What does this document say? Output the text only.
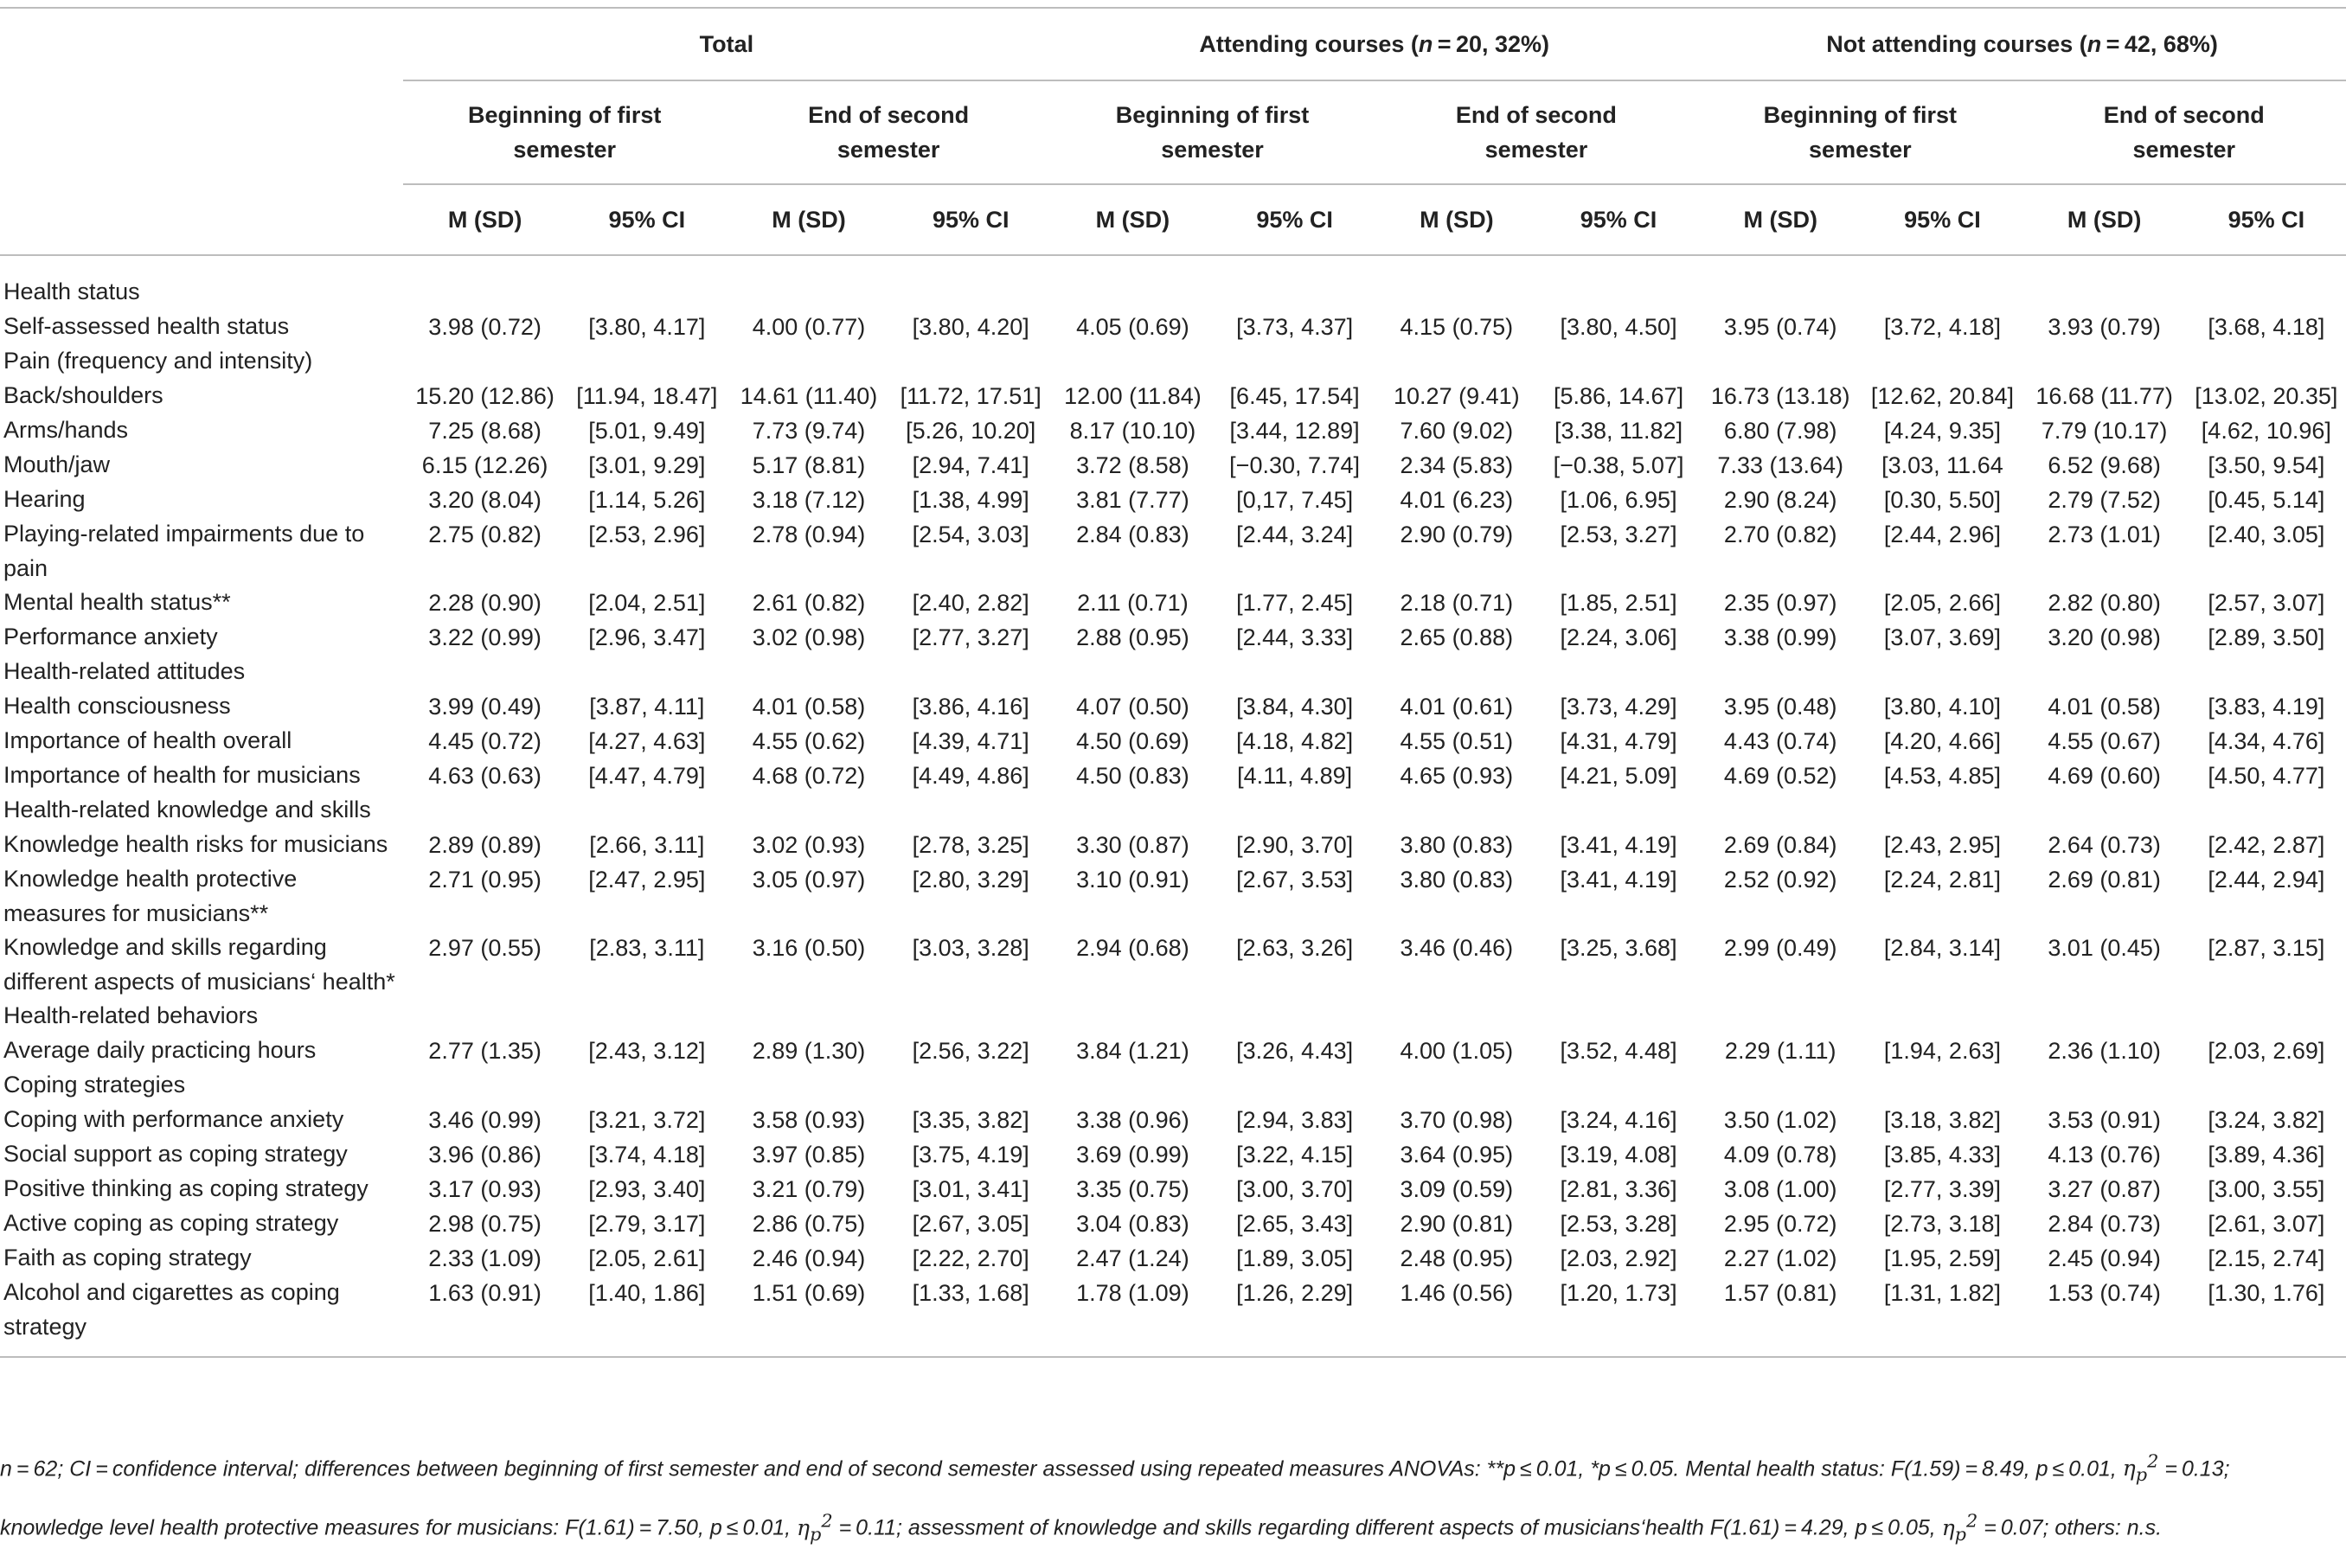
	Total				Attending courses (n = 20, 32%)				Not attending courses (n = 42, 68%)			

	Beginning of first semester		End of second semester		Beginning of first semester		End of second semester		Beginning of first semester		End of second semester	

	M (SD)	95% CI	M (SD)	95% CI	M (SD)	95% CI	M (SD)	95% CI	M (SD)	95% CI	M (SD)	95% CI
Health status												
Self-assessed health status	3.98 (0.72)	[3.80, 4.17]	4.00 (0.77)	[3.80, 4.20]	4.05 (0.69)	[3.73, 4.37]	4.15 (0.75)	[3.80, 4.50]	3.95 (0.74)	[3.72, 4.18]	3.93 (0.79)	[3.68, 4.18]
Pain (frequency and intensity)												
Back/shoulders	15.20 (12.86)	[11.94, 18.47]	14.61 (11.40)	[11.72, 17.51]	12.00 (11.84)	[6.45, 17.54]	10.27 (9.41)	[5.86, 14.67]	16.73 (13.18)	[12.62, 20.84]	16.68 (11.77)	[13.02, 20.35]
Arms/hands	7.25 (8.68)	[5.01, 9.49]	7.73 (9.74)	[5.26, 10.20]	8.17 (10.10)	[3.44, 12.89]	7.60 (9.02)	[3.38, 11.82]	6.80 (7.98)	[4.24, 9.35]	7.79 (10.17)	[4.62, 10.96]
Mouth/jaw	6.15 (12.26)	[3.01, 9.29]	5.17 (8.81)	[2.94, 7.41]	3.72 (8.58)	[−0.30, 7.74]	2.34 (5.83)	[−0.38, 5.07]	7.33 (13.64)	[3.03, 11.64	6.52 (9.68)	[3.50, 9.54]
Hearing	3.20 (8.04)	[1.14, 5.26]	3.18 (7.12)	[1.38, 4.99]	3.81 (7.77)	[0,17, 7.45]	4.01 (6.23)	[1.06, 6.95]	2.90 (8.24)	[0.30, 5.50]	2.79 (7.52)	[0.45, 5.14]
Playing-related impairments due to pain	2.75 (0.82)	[2.53, 2.96]	2.78 (0.94)	[2.54, 3.03]	2.84 (0.83)	[2.44, 3.24]	2.90 (0.79)	[2.53, 3.27]	2.70 (0.82)	[2.44, 2.96]	2.73 (1.01)	[2.40, 3.05]
Mental health status**	2.28 (0.90)	[2.04, 2.51]	2.61 (0.82)	[2.40, 2.82]	2.11 (0.71)	[1.77, 2.45]	2.18 (0.71)	[1.85, 2.51]	2.35 (0.97)	[2.05, 2.66]	2.82 (0.80)	[2.57, 3.07]
Performance anxiety	3.22 (0.99)	[2.96, 3.47]	3.02 (0.98)	[2.77, 3.27]	2.88 (0.95)	[2.44, 3.33]	2.65 (0.88)	[2.24, 3.06]	3.38 (0.99)	[3.07, 3.69]	3.20 (0.98)	[2.89, 3.50]
Health-related attitudes												
Health consciousness	3.99 (0.49)	[3.87, 4.11]	4.01 (0.58)	[3.86, 4.16]	4.07 (0.50)	[3.84, 4.30]	4.01 (0.61)	[3.73, 4.29]	3.95 (0.48)	[3.80, 4.10]	4.01 (0.58)	[3.83, 4.19]
Importance of health overall	4.45 (0.72)	[4.27, 4.63]	4.55 (0.62)	[4.39, 4.71]	4.50 (0.69)	[4.18, 4.82]	4.55 (0.51)	[4.31, 4.79]	4.43 (0.74)	[4.20, 4.66]	4.55 (0.67)	[4.34, 4.76]
Importance of health for musicians	4.63 (0.63)	[4.47, 4.79]	4.68 (0.72)	[4.49, 4.86]	4.50 (0.83)	[4.11, 4.89]	4.65 (0.93)	[4.21, 5.09]	4.69 (0.52)	[4.53, 4.85]	4.69 (0.60)	[4.50, 4.77]
Health-related knowledge and skills												
Knowledge health risks for musicians	2.89 (0.89)	[2.66, 3.11]	3.02 (0.93)	[2.78, 3.25]	3.30 (0.87)	[2.90, 3.70]	3.80 (0.83)	[3.41, 4.19]	2.69 (0.84)	[2.43, 2.95]	2.64 (0.73)	[2.42, 2.87]
Knowledge health protective measures for musicians**	2.71 (0.95)	[2.47, 2.95]	3.05 (0.97)	[2.80, 3.29]	3.10 (0.91)	[2.67, 3.53]	3.80 (0.83)	[3.41, 4.19]	2.52 (0.92)	[2.24, 2.81]	2.69 (0.81)	[2.44, 2.94]
Knowledge and skills regarding different aspects of musicians‘ health*	2.97 (0.55)	[2.83, 3.11]	3.16 (0.50)	[3.03, 3.28]	2.94 (0.68)	[2.63, 3.26]	3.46 (0.46)	[3.25, 3.68]	2.99 (0.49)	[2.84, 3.14]	3.01 (0.45)	[2.87, 3.15]
Health-related behaviors												
Average daily practicing hours	2.77 (1.35)	[2.43, 3.12]	2.89 (1.30)	[2.56, 3.22]	3.84 (1.21)	[3.26, 4.43]	4.00 (1.05)	[3.52, 4.48]	2.29 (1.11)	[1.94, 2.63]	2.36 (1.10)	[2.03, 2.69]
Coping strategies												
Coping with performance anxiety	3.46 (0.99)	[3.21, 3.72]	3.58 (0.93)	[3.35, 3.82]	3.38 (0.96)	[2.94, 3.83]	3.70 (0.98)	[3.24, 4.16]	3.50 (1.02)	[3.18, 3.82]	3.53 (0.91)	[3.24, 3.82]
Social support as coping strategy	3.96 (0.86)	[3.74, 4.18]	3.97 (0.85)	[3.75, 4.19]	3.69 (0.99)	[3.22, 4.15]	3.64 (0.95)	[3.19, 4.08]	4.09 (0.78)	[3.85, 4.33]	4.13 (0.76)	[3.89, 4.36]
Positive thinking as coping strategy	3.17 (0.93)	[2.93, 3.40]	3.21 (0.79)	[3.01, 3.41]	3.35 (0.75)	[3.00, 3.70]	3.09 (0.59)	[2.81, 3.36]	3.08 (1.00)	[2.77, 3.39]	3.27 (0.87)	[3.00, 3.55]
Active coping as coping strategy	2.98 (0.75)	[2.79, 3.17]	2.86 (0.75)	[2.67, 3.05]	3.04 (0.83)	[2.65, 3.43]	2.90 (0.81)	[2.53, 3.28]	2.95 (0.72)	[2.73, 3.18]	2.84 (0.73)	[2.61, 3.07]
Faith as coping strategy	2.33 (1.09)	[2.05, 2.61]	2.46 (0.94)	[2.22, 2.70]	2.47 (1.24)	[1.89, 3.05]	2.48 (0.95)	[2.03, 2.92]	2.27 (1.02)	[1.95, 2.59]	2.45 (0.94)	[2.15, 2.74]
Alcohol and cigarettes as coping strategy	1.63 (0.91)	[1.40, 1.86]	1.51 (0.69)	[1.33, 1.68]	1.78 (1.09)	[1.26, 2.29]	1.46 (0.56)	[1.20, 1.73]	1.57 (0.81)	[1.31, 1.82]	1.53 (0.74)	[1.30, 1.76]
n = 62; CI = confidence interval; differences between beginning of first semester and end of second semester assessed using repeated measures ANOVAs: **p ≤ 0.01, *p ≤ 0.05. Mental health status: F(1.59) = 8.49, p ≤ 0.01, $\eta_p^2 = 0.13$;
knowledge level health protective measures for musicians: F(1.61) = 7.50, p ≤ 0.01, $\eta_p^2 = 0.11$; assessment of knowledge and skills regarding different aspects of musicians‘health F(1.61) = 4.29, p ≤ 0.05, $\eta_p^2 = 0.07$; others: n.s.
